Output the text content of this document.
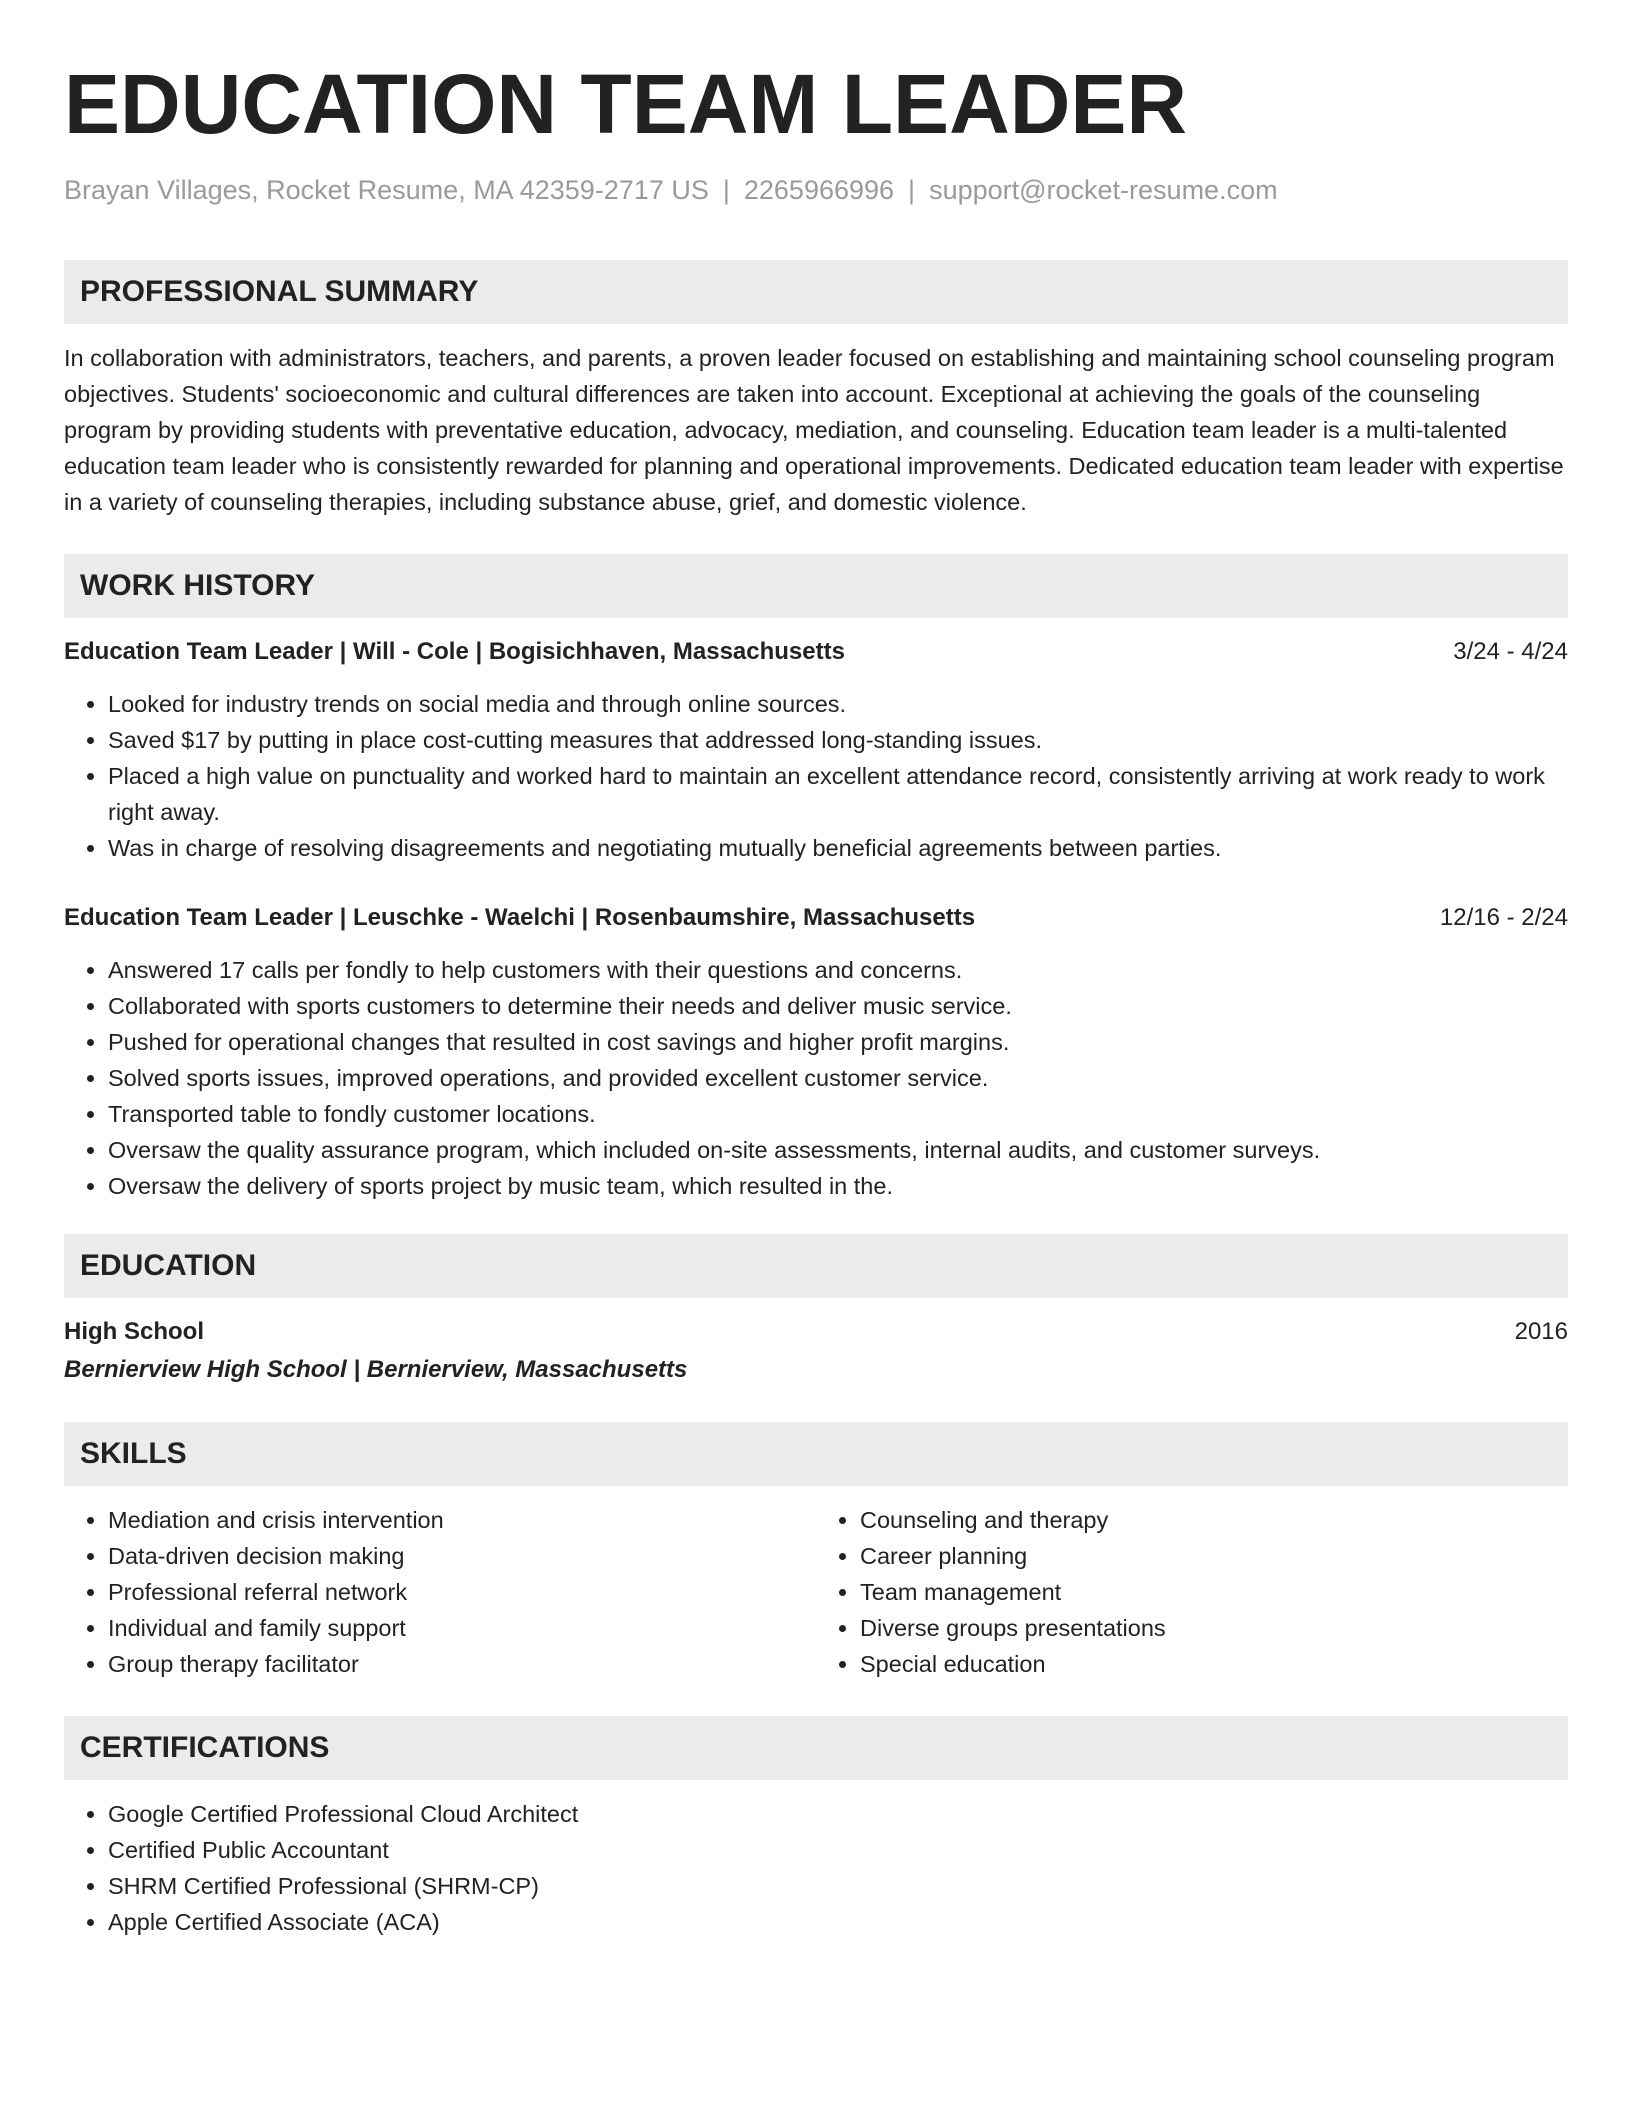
EDUCATION TEAM LEADER
Brayan Villages, Rocket Resume, MA 42359-2717 US | 2265966996 | support@rocket-resume.com
PROFESSIONAL SUMMARY
In collaboration with administrators, teachers, and parents, a proven leader focused on establishing and maintaining school counseling program objectives. Students' socioeconomic and cultural differences are taken into account. Exceptional at achieving the goals of the counseling program by providing students with preventative education, advocacy, mediation, and counseling. Education team leader is a multi-talented education team leader who is consistently rewarded for planning and operational improvements. Dedicated education team leader with expertise in a variety of counseling therapies, including substance abuse, grief, and domestic violence.
WORK HISTORY
Education Team Leader | Will - Cole | Bogisichhaven, Massachusetts	3/24 - 4/24
• Looked for industry trends on social media and through online sources.
• Saved $17 by putting in place cost-cutting measures that addressed long-standing issues.
• Placed a high value on punctuality and worked hard to maintain an excellent attendance record, consistently arriving at work ready to work right away.
• Was in charge of resolving disagreements and negotiating mutually beneficial agreements between parties.
Education Team Leader | Leuschke - Waelchi | Rosenbaumshire, Massachusetts	12/16 - 2/24
• Answered 17 calls per fondly to help customers with their questions and concerns.
• Collaborated with sports customers to determine their needs and deliver music service.
• Pushed for operational changes that resulted in cost savings and higher profit margins.
• Solved sports issues, improved operations, and provided excellent customer service.
• Transported table to fondly customer locations.
• Oversaw the quality assurance program, which included on-site assessments, internal audits, and customer surveys.
• Oversaw the delivery of sports project by music team, which resulted in the.
EDUCATION
High School	2016
Bernierview High School | Bernierview, Massachusetts
SKILLS
• Mediation and crisis intervention
• Data-driven decision making
• Professional referral network
• Individual and family support
• Group therapy facilitator
• Counseling and therapy
• Career planning
• Team management
• Diverse groups presentations
• Special education
CERTIFICATIONS
• Google Certified Professional Cloud Architect
• Certified Public Accountant
• SHRM Certified Professional (SHRM-CP)
• Apple Certified Associate (ACA)
